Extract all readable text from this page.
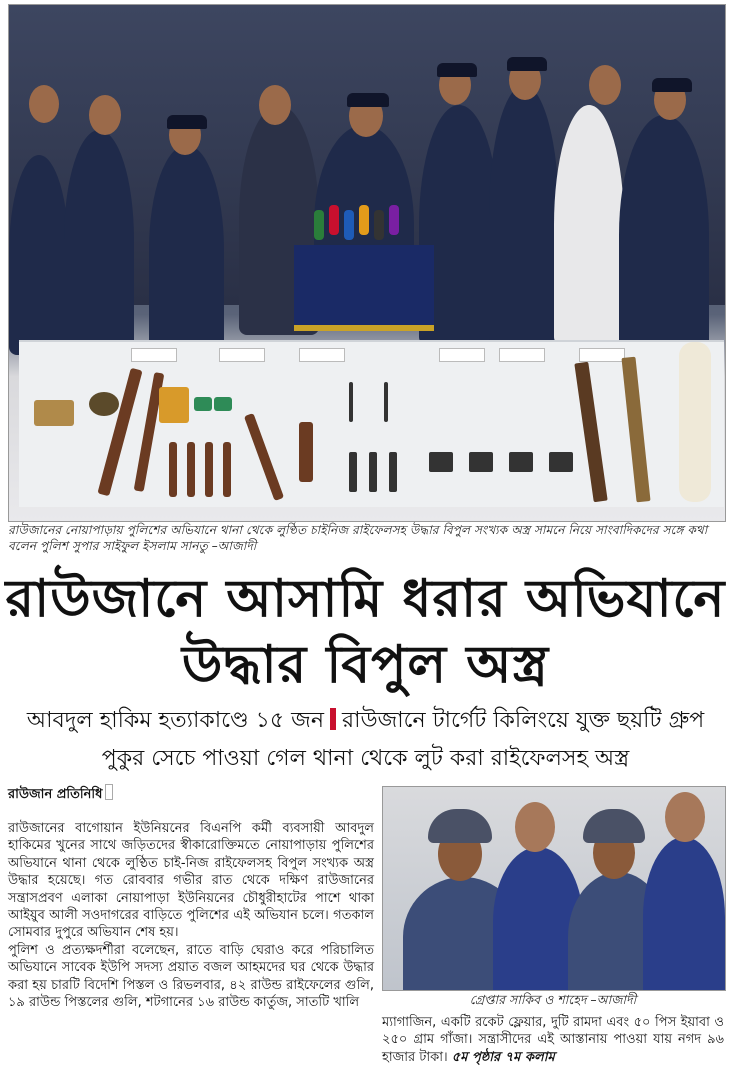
রাউজানের নোয়াপাড়ায় পুলিশের অভিযানে থানা থেকে লুণ্ঠিত চাইনিজ রাইফেলসহ উদ্ধার বিপুল সংখ্যক অস্ত্র সামনে নিয়ে সাংবাদিকদের সঙ্গে কথা বলেন পুলিশ সুপার সাইফুল ইসলাম সানতু –আজাদী
রাউজানে আসামি ধরার অভিযানে
উদ্ধার বিপুল অস্ত্র
আবদুল হাকিম হত্যাকাণ্ডে ১৫ জন রাউজানে টার্গেট কিলিংয়ে যুক্ত ছয়টি গ্রুপ
পুকুর সেচে পাওয়া গেল থানা থেকে লুট করা রাইফেলসহ অস্ত্র
রাউজান প্রতিনিধি

রাউজানের বাগোয়ান ইউনিয়নের বিএনপি কর্মী ব্যবসায়ী আবদুল হাকিমের খুনের সাথে জড়িতদের স্বীকারোক্তিমতে নোয়াপাড়ায় পুলিশের অভিযানে থানা থেকে লুণ্ঠিত চাই-নিজ রাইফেলসহ বিপুল সংখ্যক অস্ত্র উদ্ধার হয়েছে। গত রোববার গভীর রাত থেকে দক্ষিণ রাউজানের সন্ত্রাসপ্রবণ এলাকা নোয়াপাড়া ইউনিয়নের চৌধুরীহাটের পাশে থাকা আইয়ুব আলী সওদাগরের বাড়িতে পুলিশের এই অভিযান চলে। গতকাল সোমবার দুপুরে অভিযান শেষ হয়।

পুলিশ ও প্রত্যক্ষদর্শীরা বলেছেন, রাতে বাড়ি ঘেরাও করে পরিচালিত অভিযানে সাবেক ইউপি সদস্য প্রয়াত বজল আহমদের ঘর থেকে উদ্ধার করা হয় চারটি বিদেশি পিস্তল ও রিভলবার, ৪২ রাউন্ড রাইফেলের গুলি, ১৯ রাউন্ড পিস্তলের গুলি, শটগানের ১৬ রাউন্ড কার্তুজ, সাতটি খালি	গ্রেপ্তার সাকিব ও শাহেদ –আজাদী
ম্যাগাজিন, একটি রকেট ফ্লেয়ার, দুটি রামদা এবং ৫০ পিস ইয়াবা ও ২৫০ গ্রাম গাঁজা। সন্ত্রাসীদের এই আস্তানায় পাওয়া যায় নগদ ৯৬ হাজার টাকা। ৫ম পৃষ্ঠার ৭ম কলাম
